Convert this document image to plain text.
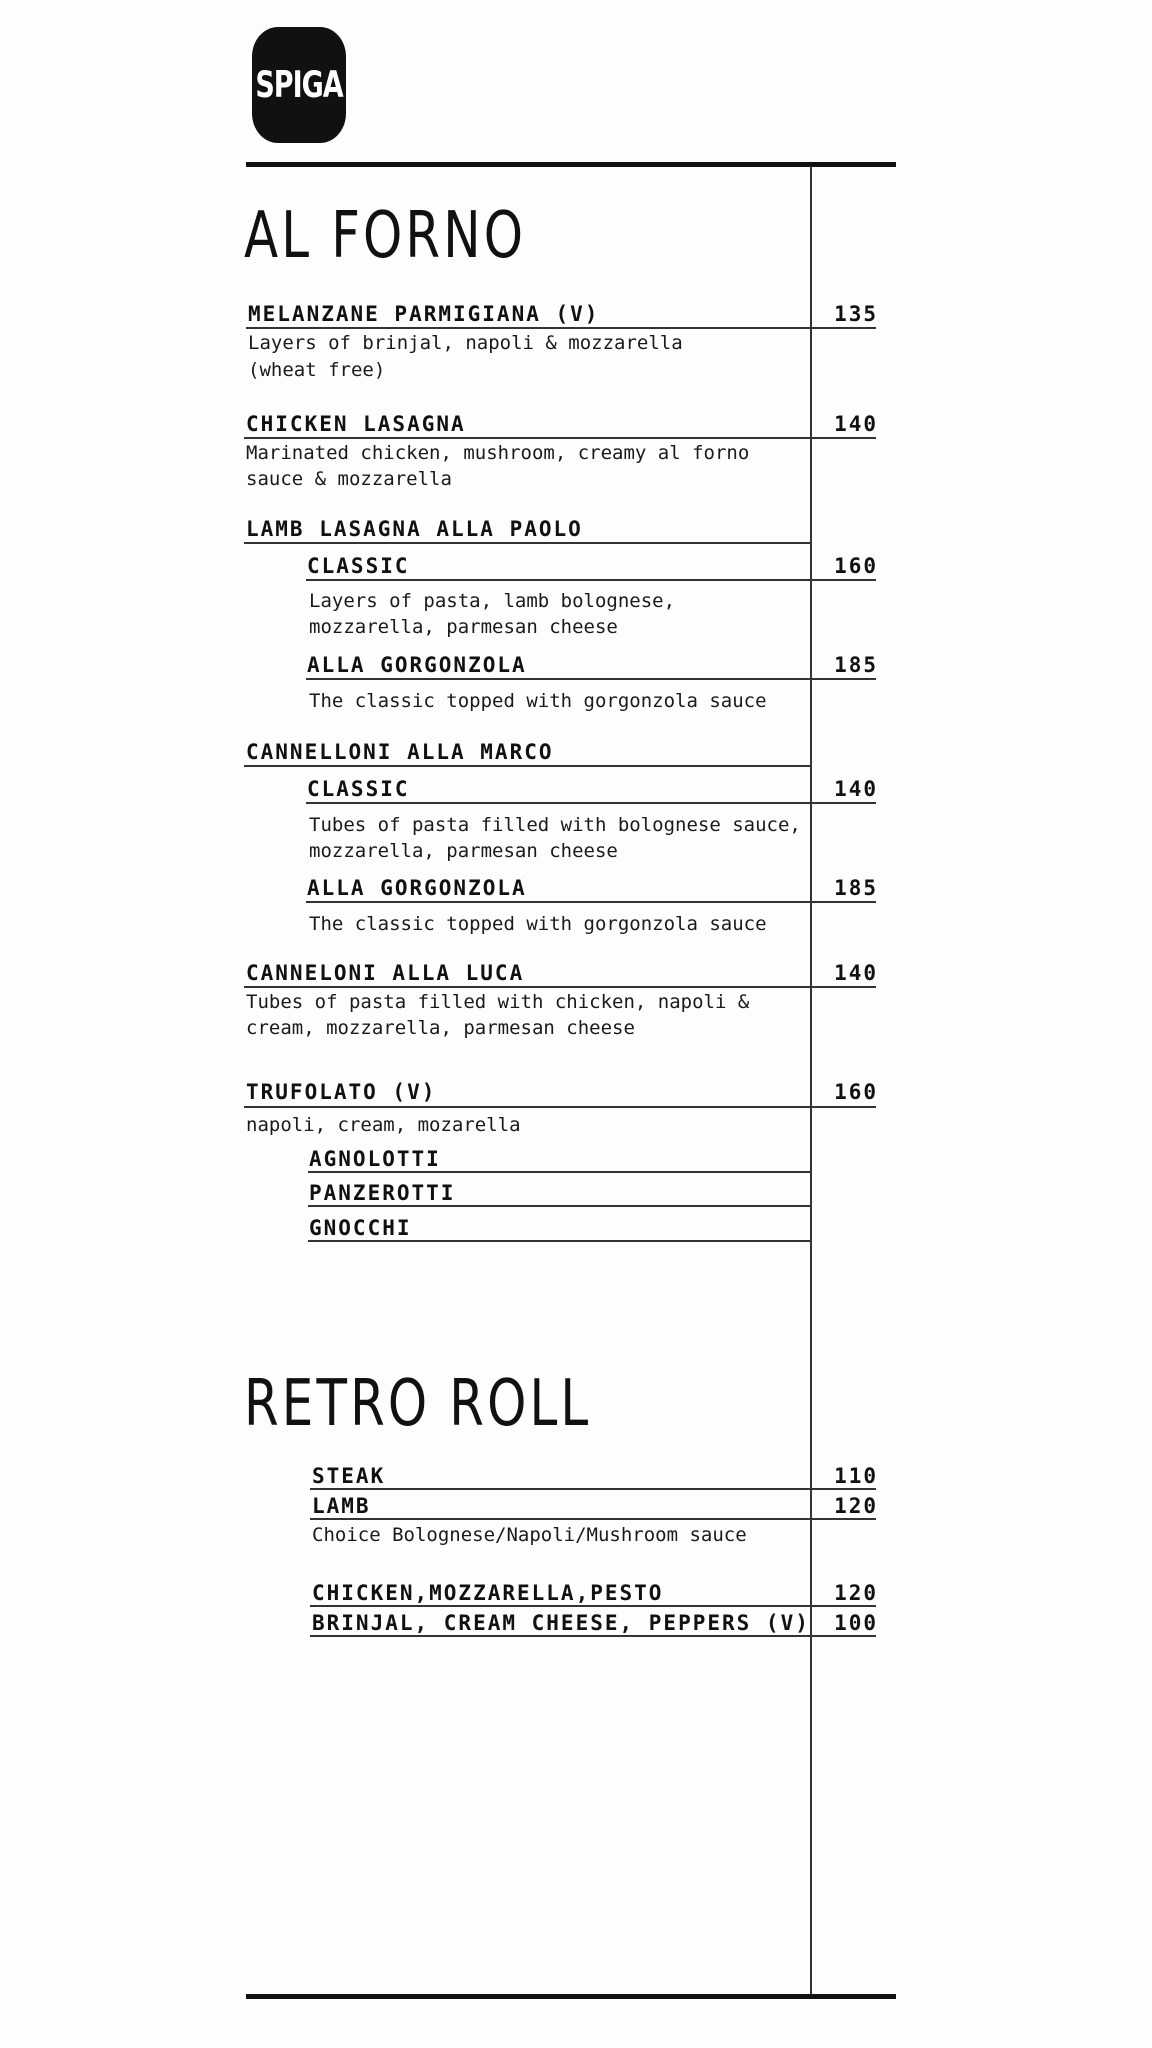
SPIGA
AL FORNO
MELANZANE PARMIGIANA (V)	135
Layers of brinjal, napoli & mozzarella
(wheat free)
CHICKEN LASAGNA	140
Marinated chicken, mushroom, creamy al forno
sauce & mozzarella
LAMB LASAGNA ALLA PAOLO
CLASSIC	160
Layers of pasta, lamb bolognese,
mozzarella, parmesan cheese
ALLA GORGONZOLA	185
The classic topped with gorgonzola sauce
CANNELLONI ALLA MARCO
CLASSIC	140
Tubes of pasta filled with bolognese sauce,
mozzarella, parmesan cheese
ALLA GORGONZOLA	185
The classic topped with gorgonzola sauce
CANNELONI ALLA LUCA	140
Tubes of pasta filled with chicken, napoli &
cream, mozzarella, parmesan cheese
TRUFOLATO (V)	160
napoli, cream, mozarella
AGNOLOTTI
PANZEROTTI
GNOCCHI
RETRO ROLL
STEAK	110
LAMB	120
Choice Bolognese/Napoli/Mushroom sauce
CHICKEN,MOZZARELLA,PESTO	120
BRINJAL, CREAM CHEESE, PEPPERS (V)	100
